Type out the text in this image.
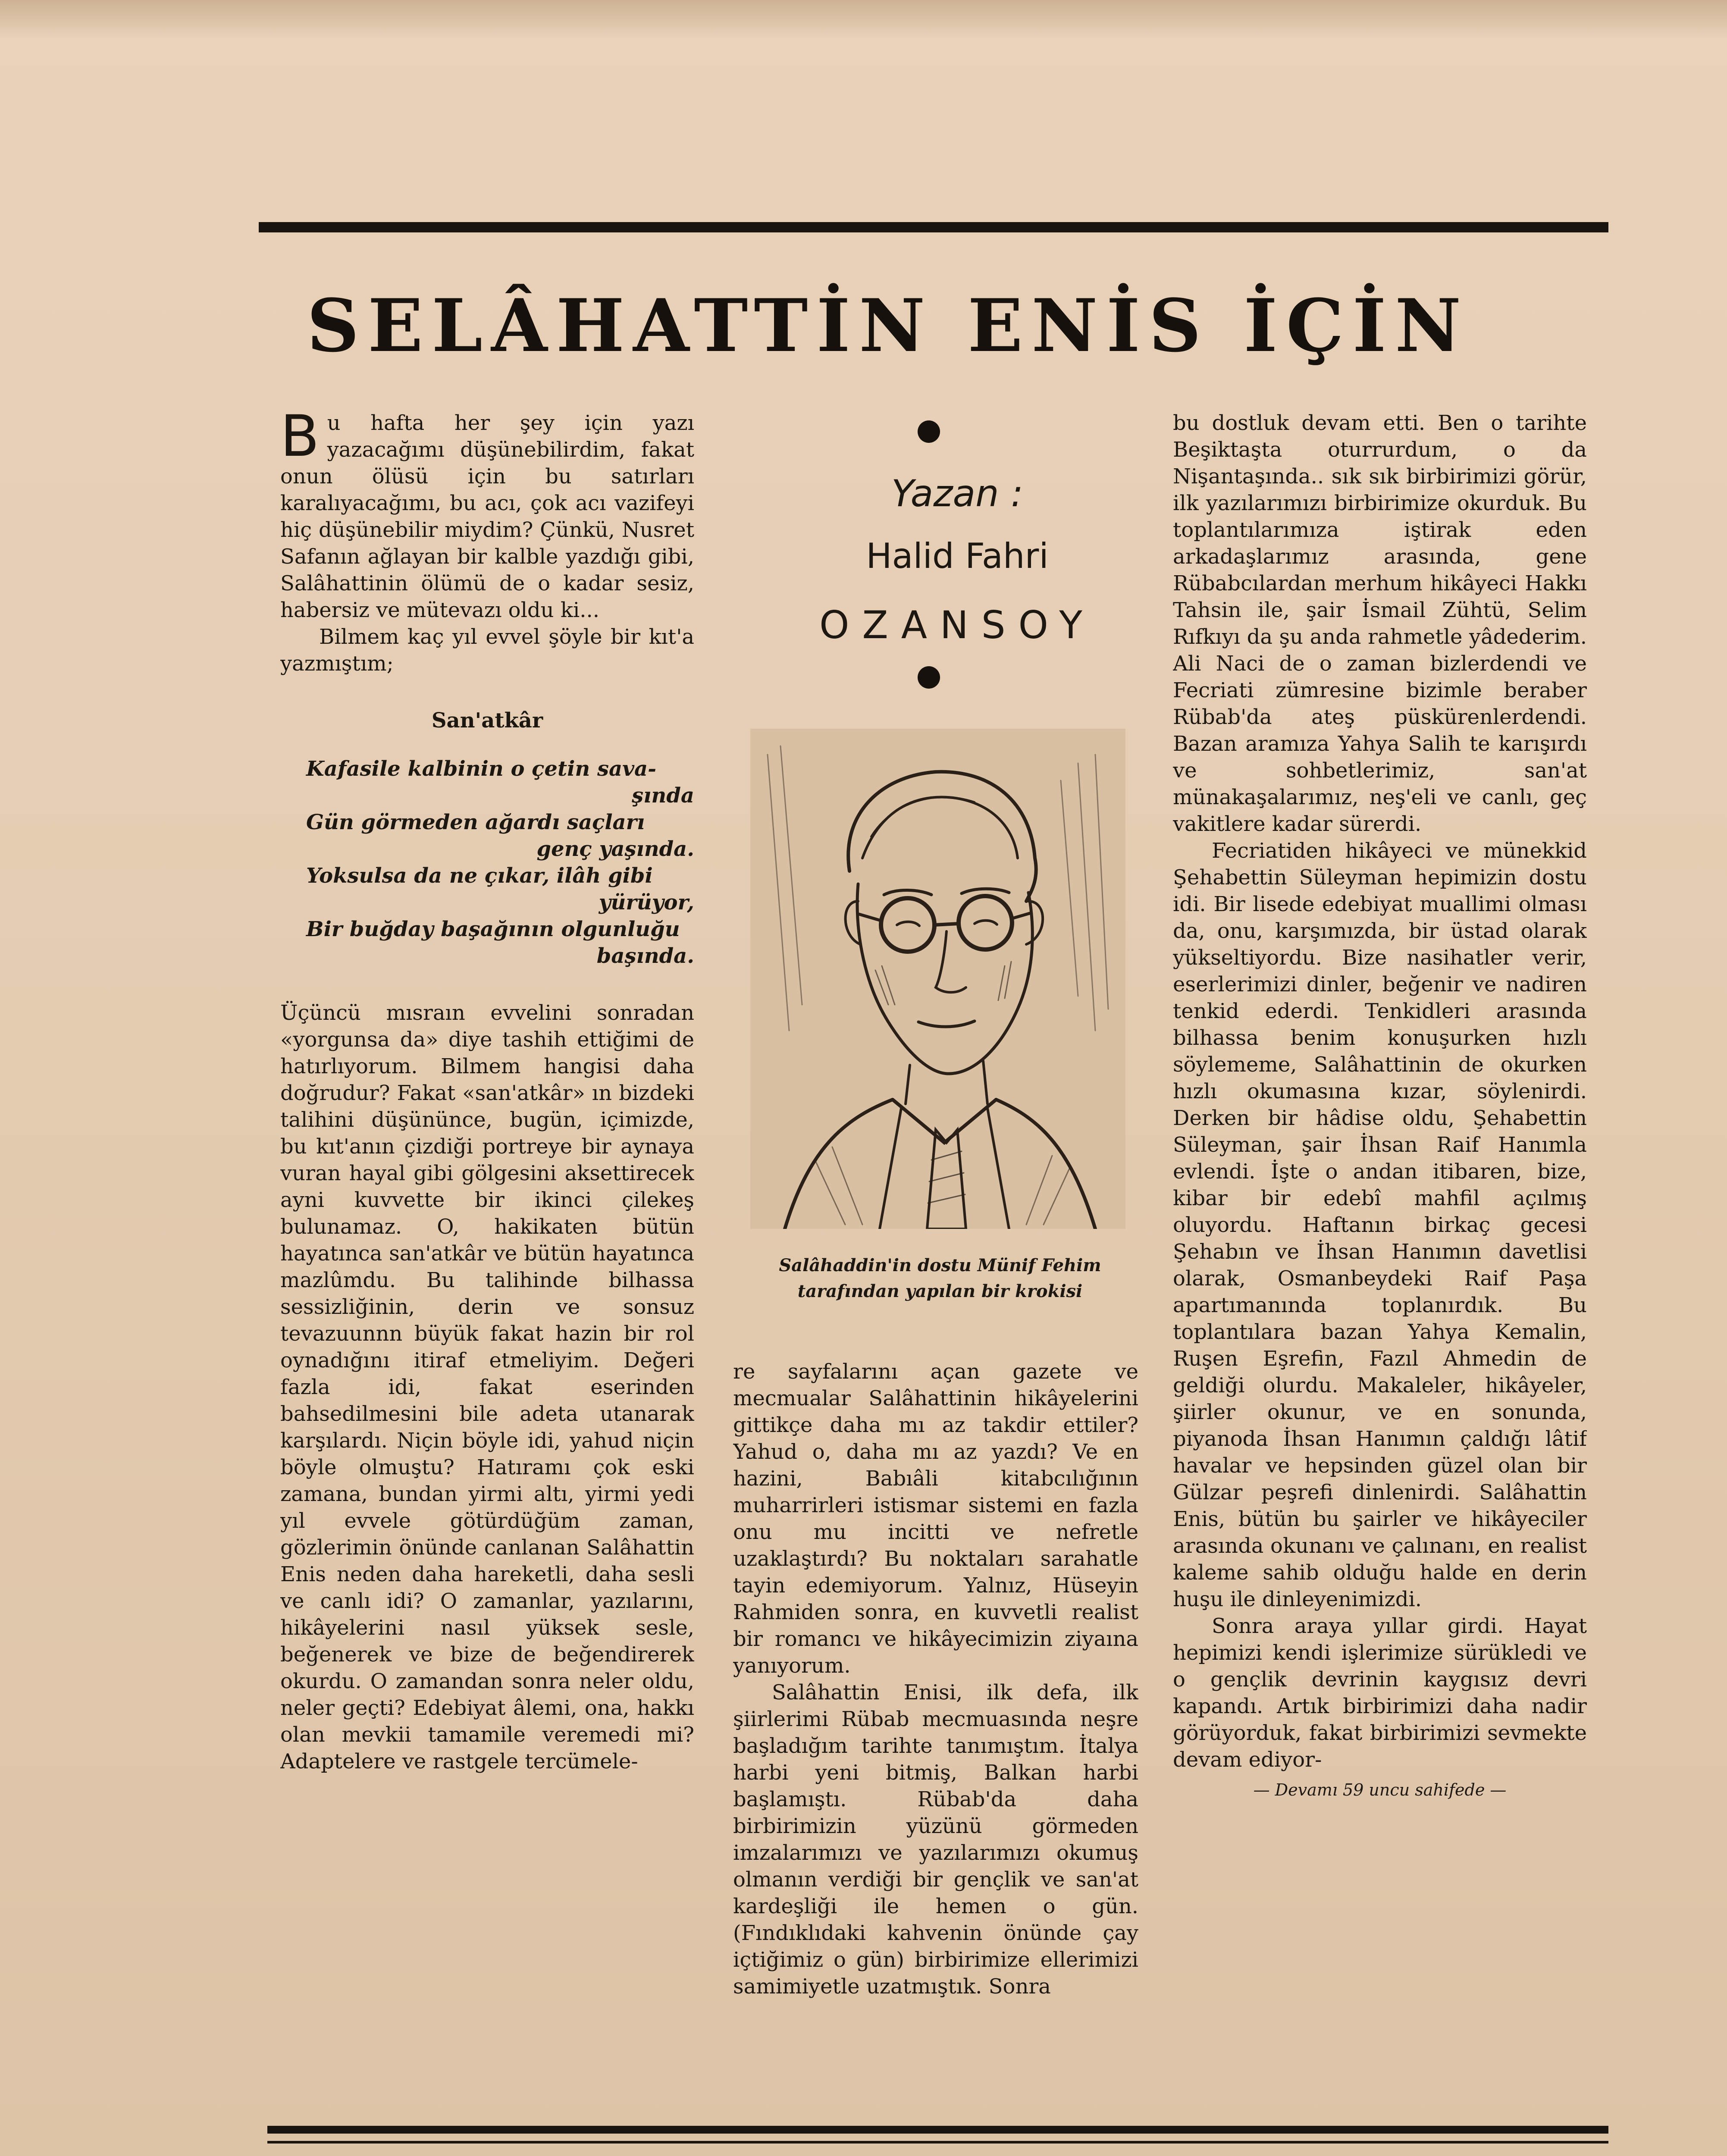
SELÂHATTİN ENİS İÇİN

Bu hafta her şey için yazı yazacağımı düşünebilirdim, fakat onun ölüsü için bu satırları karalıyacağımı, bu acı, çok acı vazifeyi hiç düşünebilir miydim? Çünkü, Nusret Safanın ağlayan bir kalble yazdığı gibi, Salâhattinin ölümü de o kadar sesiz, habersiz ve mütevazı oldu ki...

Bilmem kaç yıl evvel şöyle bir kıt'a yazmıştım;

San'atkâr
Kafasile kalbinin o çetin sava-
şında
Gün görmeden ağardı saçları
genç yaşında.
Yoksulsa da ne çıkar, ilâh gibi
yürüyor,
Bir buğday başağının olgunluğu
başında.

Üçüncü mısraın evvelini sonradan «yorgunsa da» diye tashih ettiğimi de hatırlıyorum. Bilmem hangisi daha doğrudur? Fakat «san'atkâr» ın bizdeki talihini düşününce, bugün, içimizde, bu kıt'anın çizdiği portreye bir aynaya vuran hayal gibi gölgesini aksettirecek ayni kuvvette bir ikinci çilekeş bulunamaz. O, hakikaten bütün hayatınca san'atkâr ve bütün hayatınca mazlûmdu. Bu talihinde bilhassa sessizliğinin, derin ve sonsuz tevazuunnn büyük fakat hazin bir rol oynadığını itiraf etmeliyim. Değeri fazla idi, fakat eserinden bahsedilmesini bile adeta utanarak karşılardı. Niçin böyle idi, yahud niçin böyle olmuştu? Hatıramı çok eski zamana, bundan yirmi altı, yirmi yedi yıl evvele götürdüğüm zaman, gözlerimin önünde canlanan Salâhattin Enis neden daha hareketli, daha sesli ve canlı idi? O zamanlar, yazılarını, hikâyelerini nasıl yüksek sesle, beğenerek ve bize de beğendirerek okurdu. O zamandan sonra neler oldu, neler geçti? Edebiyat âlemi, ona, hakkı olan mevkii tamamile veremedi mi? Adaptelere ve rastgele tercümele-

Yazan :
Halid Fahri
OZANSOY
Salâhaddin'in dostu Münif Fehim
tarafından yapılan bir krokisi

re sayfalarını açan gazete ve mecmualar Salâhattinin hikâyelerini gittikçe daha mı az takdir ettiler? Yahud o, daha mı az yazdı? Ve en hazini, Babıâli kitabcılığının muharrirleri istismar sistemi en fazla onu mu incitti ve nefretle uzaklaştırdı? Bu noktaları sarahatle tayin edemiyorum. Yalnız, Hüseyin Rahmiden sonra, en kuvvetli realist bir romancı ve hikâyecimizin ziyaına yanıyorum.

Salâhattin Enisi, ilk defa, ilk şiirlerimi Rübab mecmuasında neşre başladığım tarihte tanımıştım. İtalya harbi yeni bitmiş, Balkan harbi başlamıştı. Rübab'da daha birbirimizin yüzünü görmeden imzalarımızı ve yazılarımızı okumuş olmanın verdiği bir gençlik ve san'at kardeşliği ile hemen o gün. (Fındıklıdaki kahvenin önünde çay içtiğimiz o gün) birbirimize ellerimizi samimiyetle uzatmıştık. Sonra

bu dostluk devam etti. Ben o tarihte Beşiktaşta oturrurdum, o da Nişantaşında.. sık sık birbirimizi görür, ilk yazılarımızı birbirimize okurduk. Bu toplantılarımıza iştirak eden arkadaşlarımız arasında, gene Rübabcılardan merhum hikâyeci Hakkı Tahsin ile, şair İsmail Zühtü, Selim Rıfkıyı da şu anda rahmetle yâdederim. Ali Naci de o zaman bizlerdendi ve Fecriati zümresine bizimle beraber Rübab'da ateş püskürenlerdendi. Bazan aramıza Yahya Salih te karışırdı ve sohbetlerimiz, san'at münakaşalarımız, neş'eli ve canlı, geç vakitlere kadar sürerdi.

Fecriatiden hikâyeci ve münekkid Şehabettin Süleyman hepimizin dostu idi. Bir lisede edebiyat muallimi olması da, onu, karşımızda, bir üstad olarak yükseltiyordu. Bize nasihatler verir, eserlerimizi dinler, beğenir ve nadiren tenkid ederdi. Tenkidleri arasında bilhassa benim konuşurken hızlı söylememe, Salâhattinin de okurken hızlı okumasına kızar, söylenirdi. Derken bir hâdise oldu, Şehabettin Süleyman, şair İhsan Raif Hanımla evlendi. İşte o andan itibaren, bize, kibar bir edebî mahfil açılmış oluyordu. Haftanın birkaç gecesi Şehabın ve İhsan Hanımın davetlisi olarak, Osmanbeydeki Raif Paşa apartımanında toplanırdık. Bu toplantılara bazan Yahya Kemalin, Ruşen Eşrefin, Fazıl Ahmedin de geldiği olurdu. Makaleler, hikâyeler, şiirler okunur, ve en sonunda, piyanoda İhsan Hanımın çaldığı lâtif havalar ve hepsinden güzel olan bir Gülzar peşrefi dinlenirdi. Salâhattin Enis, bütün bu şairler ve hikâyeciler arasında okunanı ve çalınanı, en realist kaleme sahib olduğu halde en derin huşu ile dinleyenimizdi.

Sonra araya yıllar girdi. Hayat hepimizi kendi işlerimize sürükledi ve o gençlik devrinin kaygısız devri kapandı. Artık birbirimizi daha nadir görüyorduk, fakat birbirimizi sevmekte devam ediyor-

— Devamı 59 uncu sahifede —
